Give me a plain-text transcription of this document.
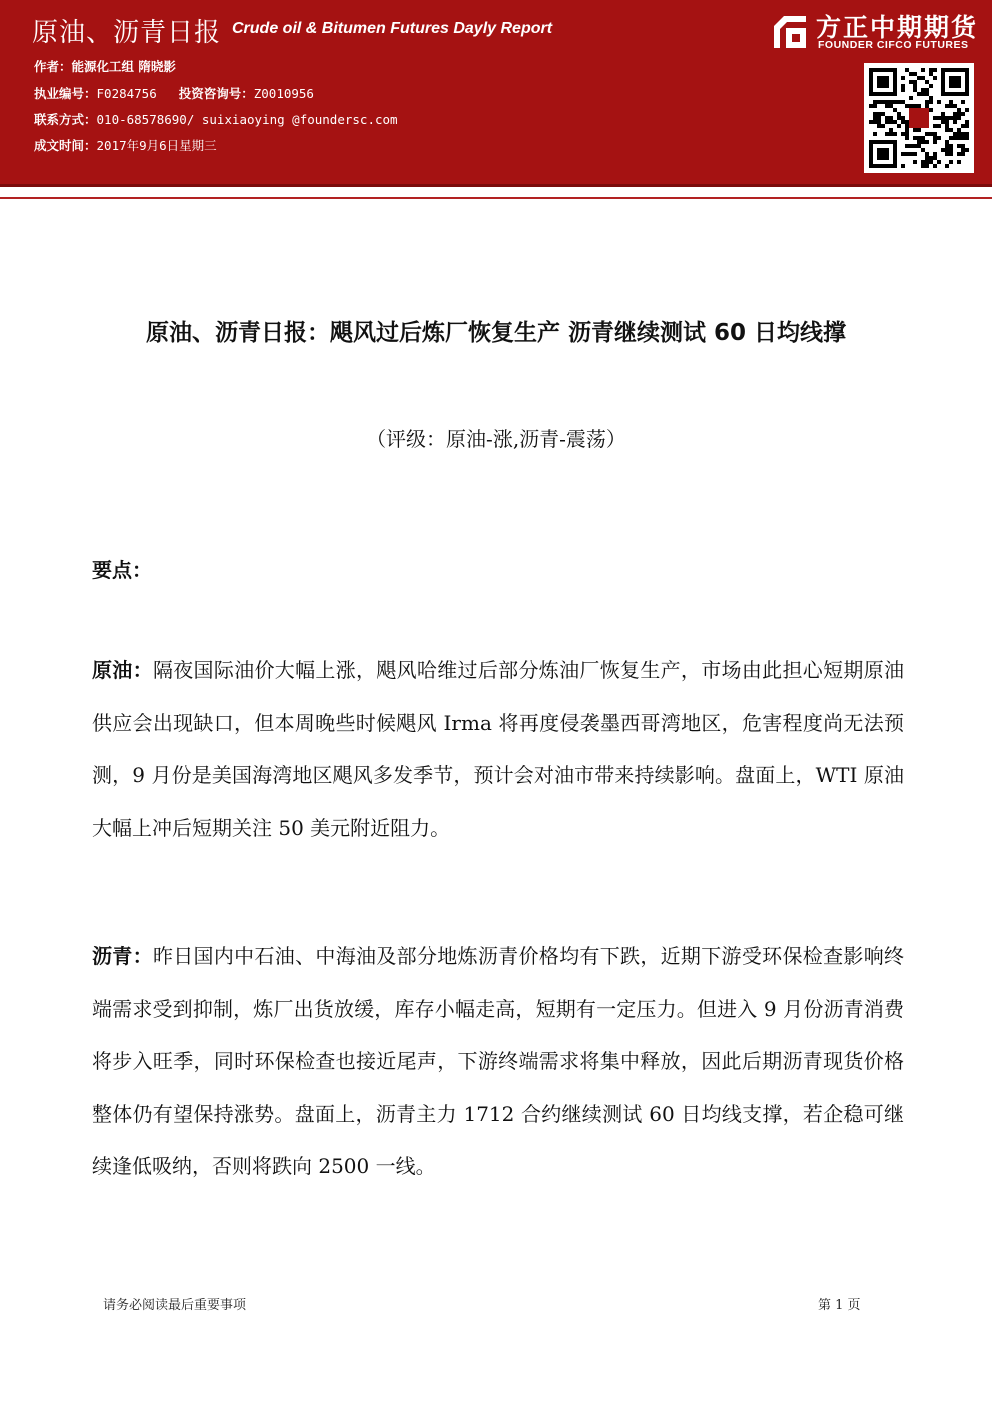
原油、沥青日报 Crude oil & Bitumen Futures Dayly Report
作者：能源化工组 隋晓影
执业编号：F0284756 投资咨询号：Z0010956
联系方式：010-68578690/ suixiaoying @foundersc.com
成文时间：2017年9月6日星期三
方正中期期货
FOUNDER CIFCO FUTURES
原油、沥青日报：飓风过后炼厂恢复生产 沥青继续测试 60 日均线撑
（评级：原油-涨,沥青-震荡）
要点：
原油：隔夜国际油价大幅上涨，飓风哈维过后部分炼油厂恢复生产，市场由此担心短期原油供应会出现缺口，但本周晚些时候飓风 Irma 将再度侵袭墨西哥湾地区，危害程度尚无法预测，9 月份是美国海湾地区飓风多发季节，预计会对油市带来持续影响。盘面上，WTI 原油大幅上冲后短期关注 50 美元附近阻力。
沥青：昨日国内中石油、中海油及部分地炼沥青价格均有下跌，近期下游受环保检查影响终端需求受到抑制，炼厂出货放缓，库存小幅走高，短期有一定压力。但进入 9 月份沥青消费将步入旺季，同时环保检查也接近尾声，下游终端需求将集中释放，因此后期沥青现货价格整体仍有望保持涨势。盘面上，沥青主力 1712 合约继续测试 60 日均线支撑，若企稳可继续逢低吸纳，否则将跌向 2500 一线。
请务必阅读最后重要事项	第 1 页
